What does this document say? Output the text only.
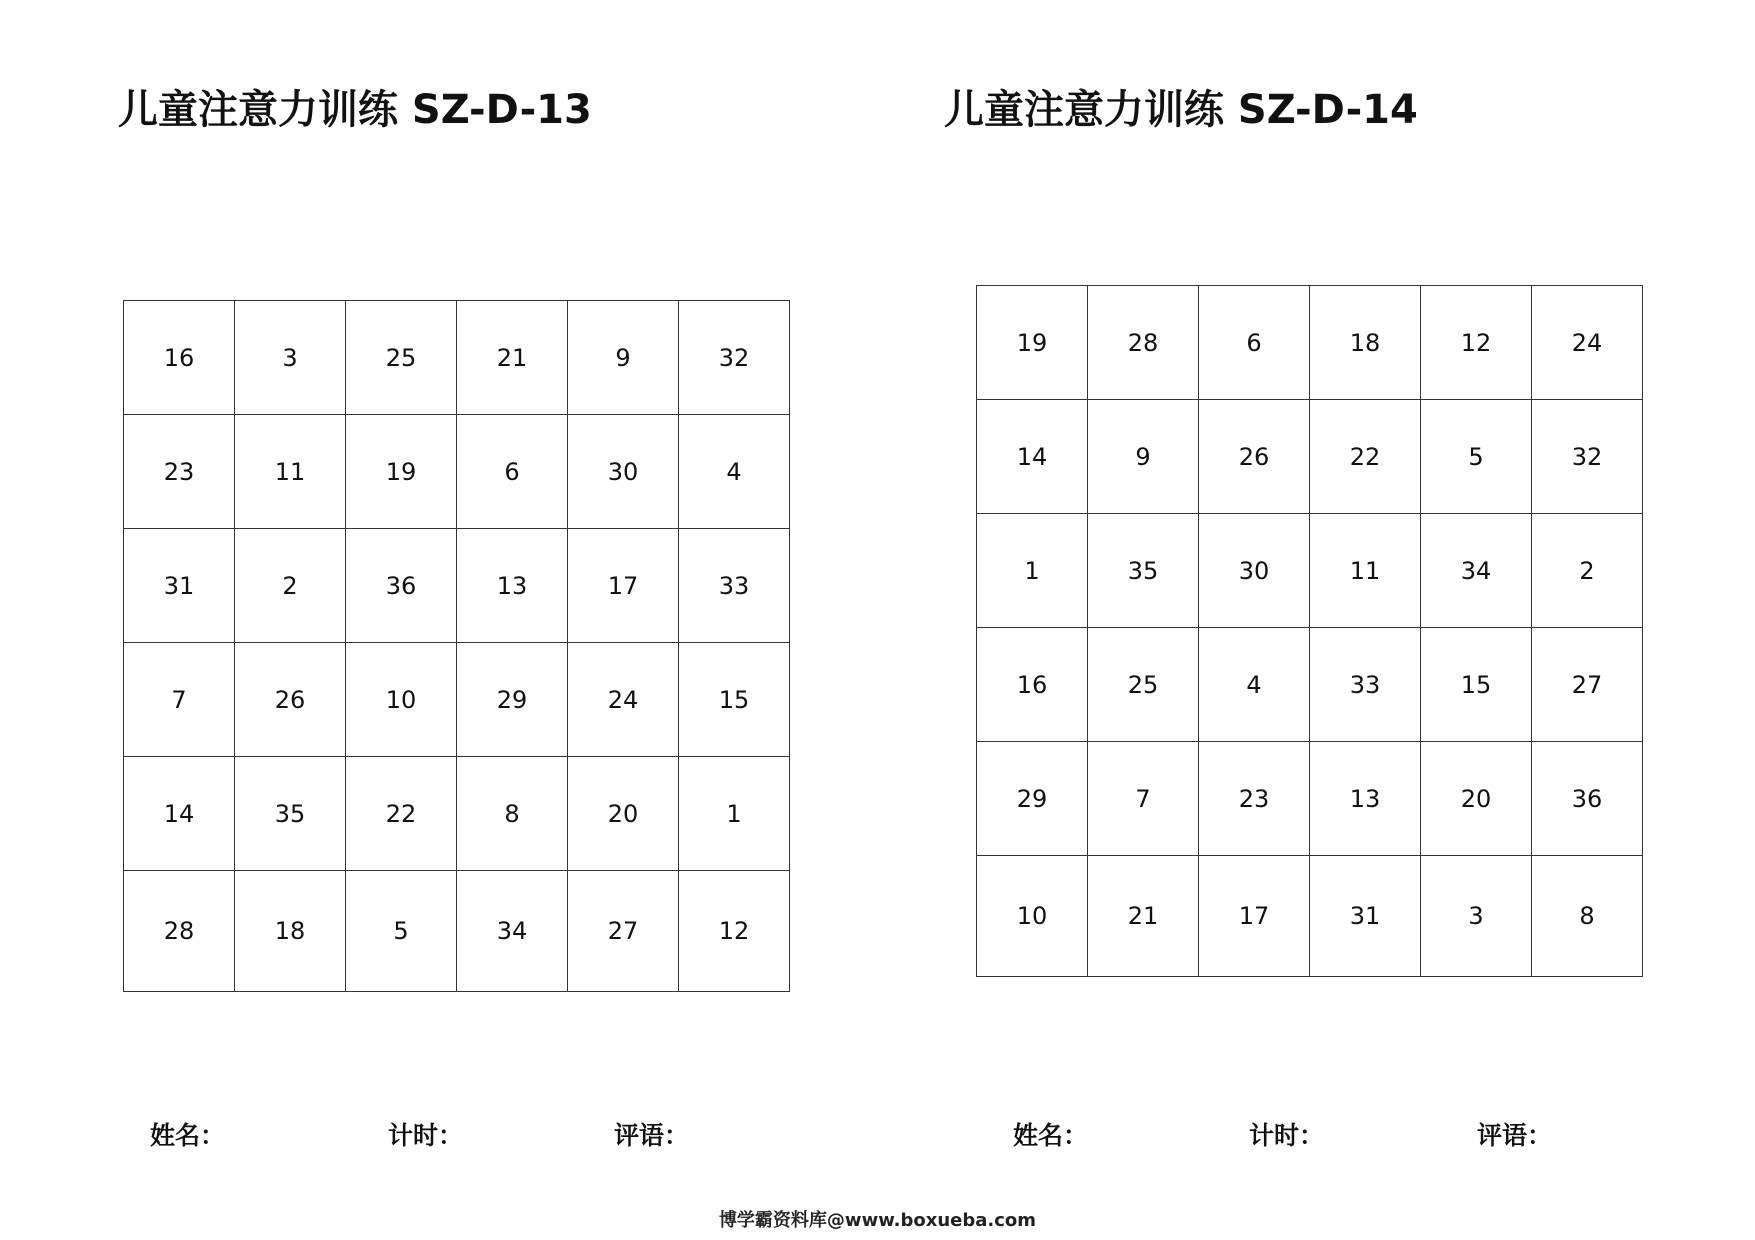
儿童注意力训练 SZ-D-13
16	3	25	21	9	32
23	11	19	6	30	4
31	2	36	13	17	33
7	26	10	29	24	15
14	35	22	8	20	1
28	18	5	34	27	12
姓名：	计时：	评语：
儿童注意力训练 SZ-D-14
19	28	6	18	12	24
14	9	26	22	5	32
1	35	30	11	34	2
16	25	4	33	15	27
29	7	23	13	20	36
10	21	17	31	3	8
姓名：	计时：	评语：
博学霸资料库@www.boxueba.com
